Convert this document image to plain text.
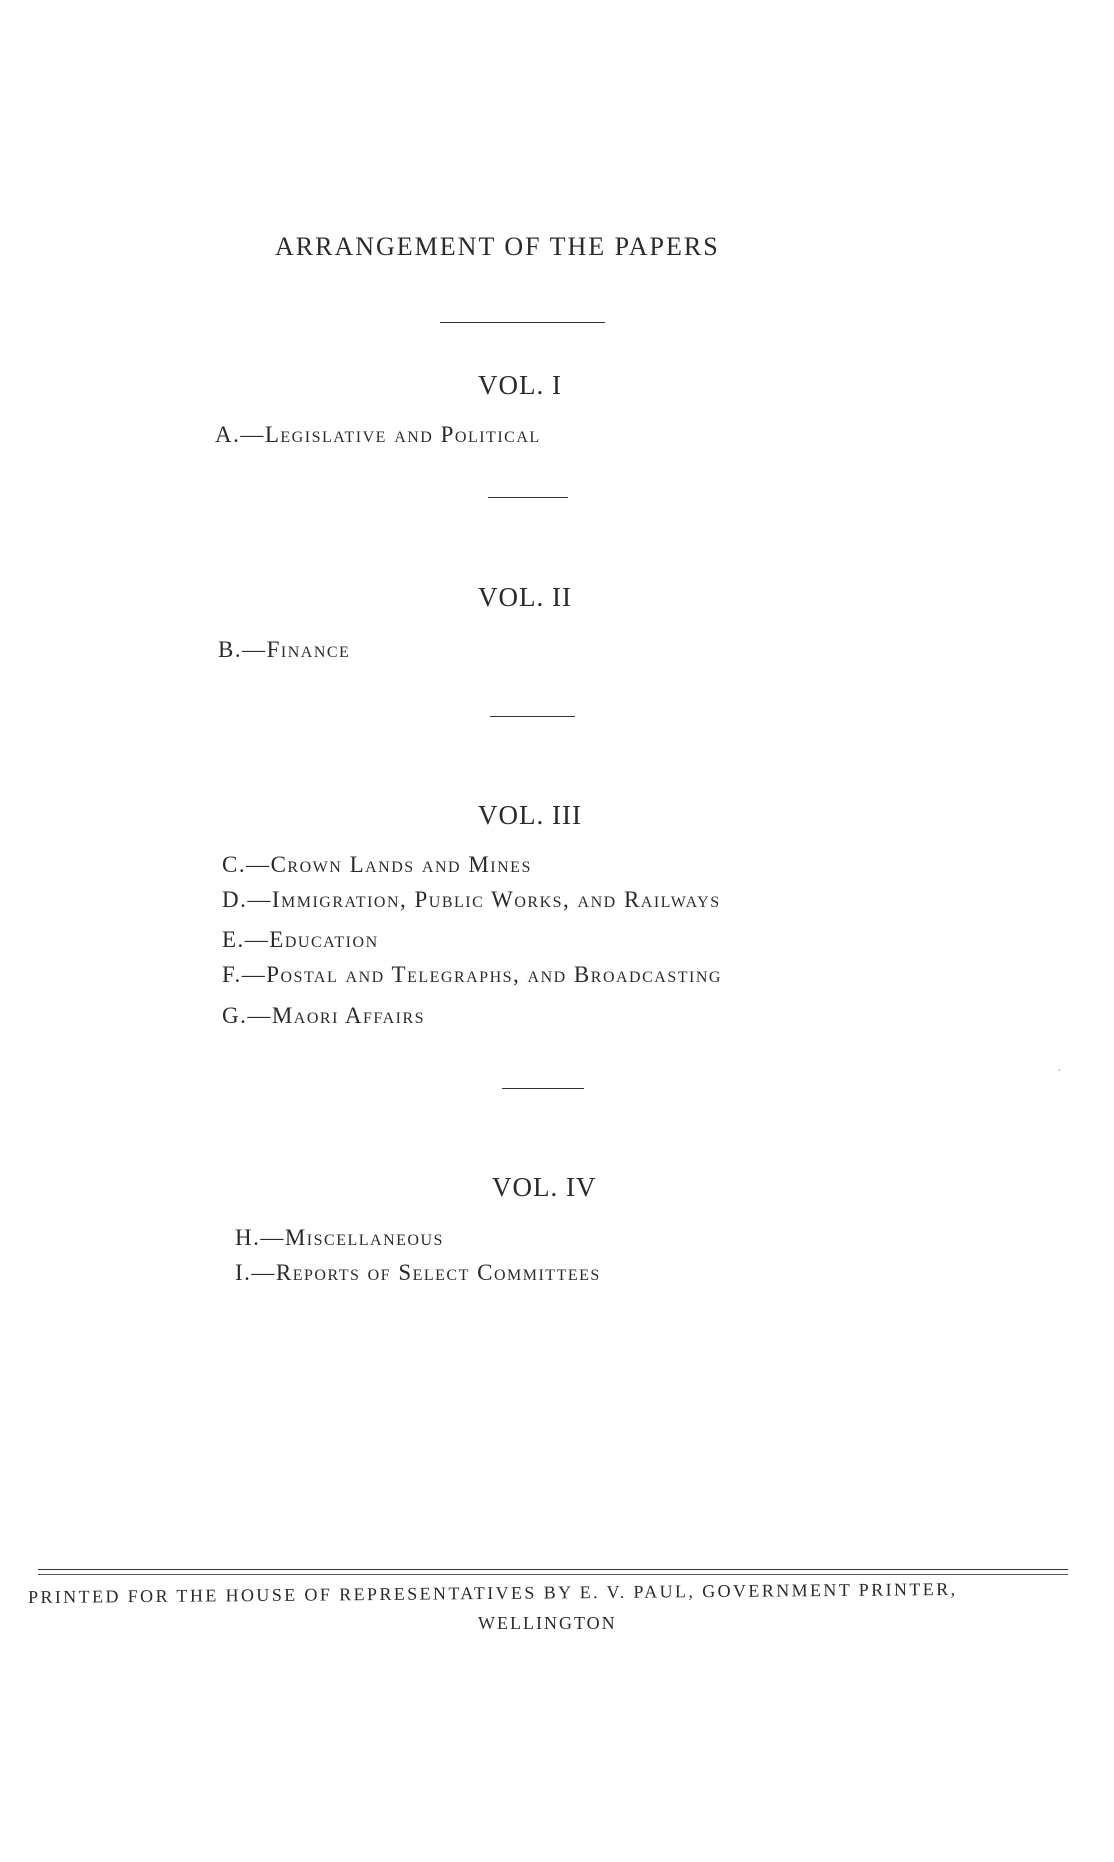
ARRANGEMENT OF THE PAPERS
VOL. I
A.—Legislative and Political
VOL. II
B.—Finance
VOL. III
C.—Crown Lands and Mines
D.—Immigration, Public Works, and Railways
E.—Education
F.—Postal and Telegraphs, and Broadcasting
G.—Maori Affairs
·
VOL. IV
H.—Miscellaneous
I.—Reports of Select Committees
PRINTED FOR THE HOUSE OF REPRESENTATIVES BY E. V. PAUL, GOVERNMENT PRINTER,
WELLINGTON
